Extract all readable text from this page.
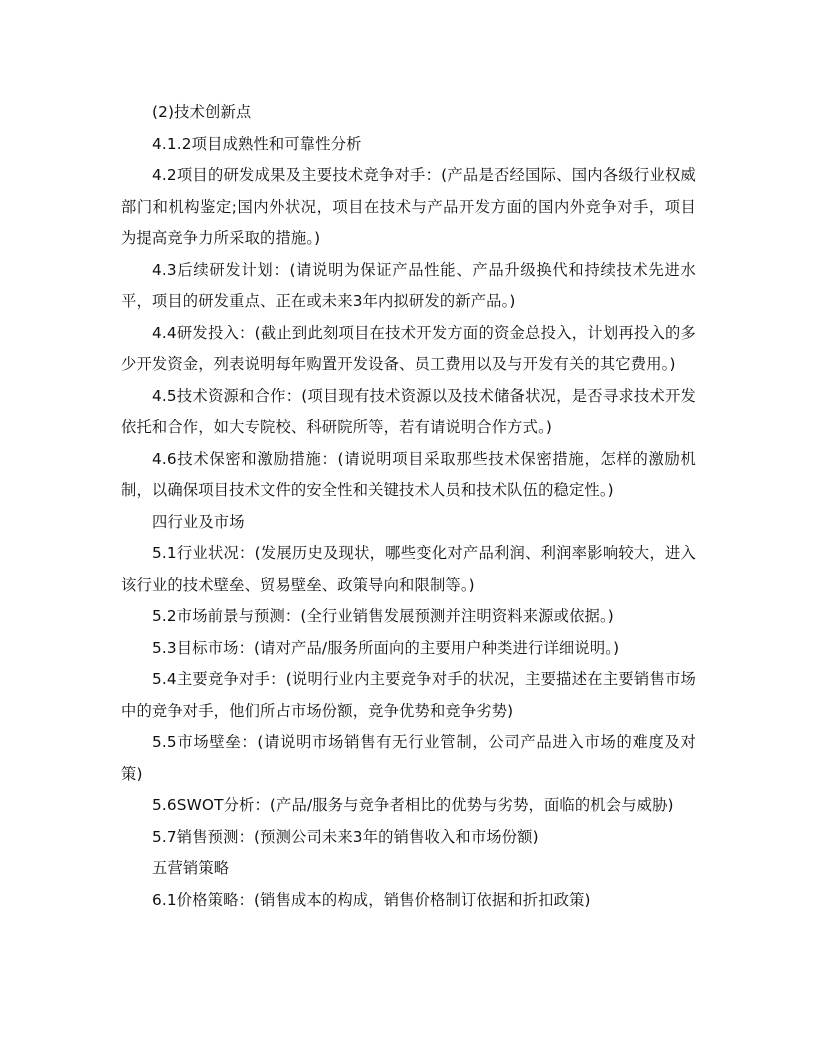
(2)技术创新点

4.1.2项目成熟性和可靠性分析

4.2项目的研发成果及主要技术竞争对手：(产品是否经国际、国内各级行业权威部门和机构鉴定;国内外状况，项目在技术与产品开发方面的国内外竞争对手，项目为提高竞争力所采取的措施。)

4.3后续研发计划：(请说明为保证产品性能、产品升级换代和持续技术先进水平，项目的研发重点、正在或未来3年内拟研发的新产品。)

4.4研发投入：(截止到此刻项目在技术开发方面的资金总投入，计划再投入的多少开发资金，列表说明每年购置开发设备、员工费用以及与开发有关的其它费用。)

4.5技术资源和合作：(项目现有技术资源以及技术储备状况，是否寻求技术开发依托和合作，如大专院校、科研院所等，若有请说明合作方式。)

4.6技术保密和激励措施：(请说明项目采取那些技术保密措施，怎样的激励机制，以确保项目技术文件的安全性和关键技术人员和技术队伍的稳定性。)

四行业及市场

5.1行业状况：(发展历史及现状，哪些变化对产品利润、利润率影响较大，进入该行业的技术壁垒、贸易壁垒、政策导向和限制等。)

5.2市场前景与预测：(全行业销售发展预测并注明资料来源或依据。)

5.3目标市场：(请对产品/服务所面向的主要用户种类进行详细说明。)

5.4主要竞争对手：(说明行业内主要竞争对手的状况，主要描述在主要销售市场中的竞争对手，他们所占市场份额，竞争优势和竞争劣势)

5.5市场壁垒：(请说明市场销售有无行业管制，公司产品进入市场的难度及对策)

5.6SWOT分析：(产品/服务与竞争者相比的优势与劣势，面临的机会与威胁)

5.7销售预测：(预测公司未来3年的销售收入和市场份额)

五营销策略

6.1价格策略：(销售成本的构成，销售价格制订依据和折扣政策)
